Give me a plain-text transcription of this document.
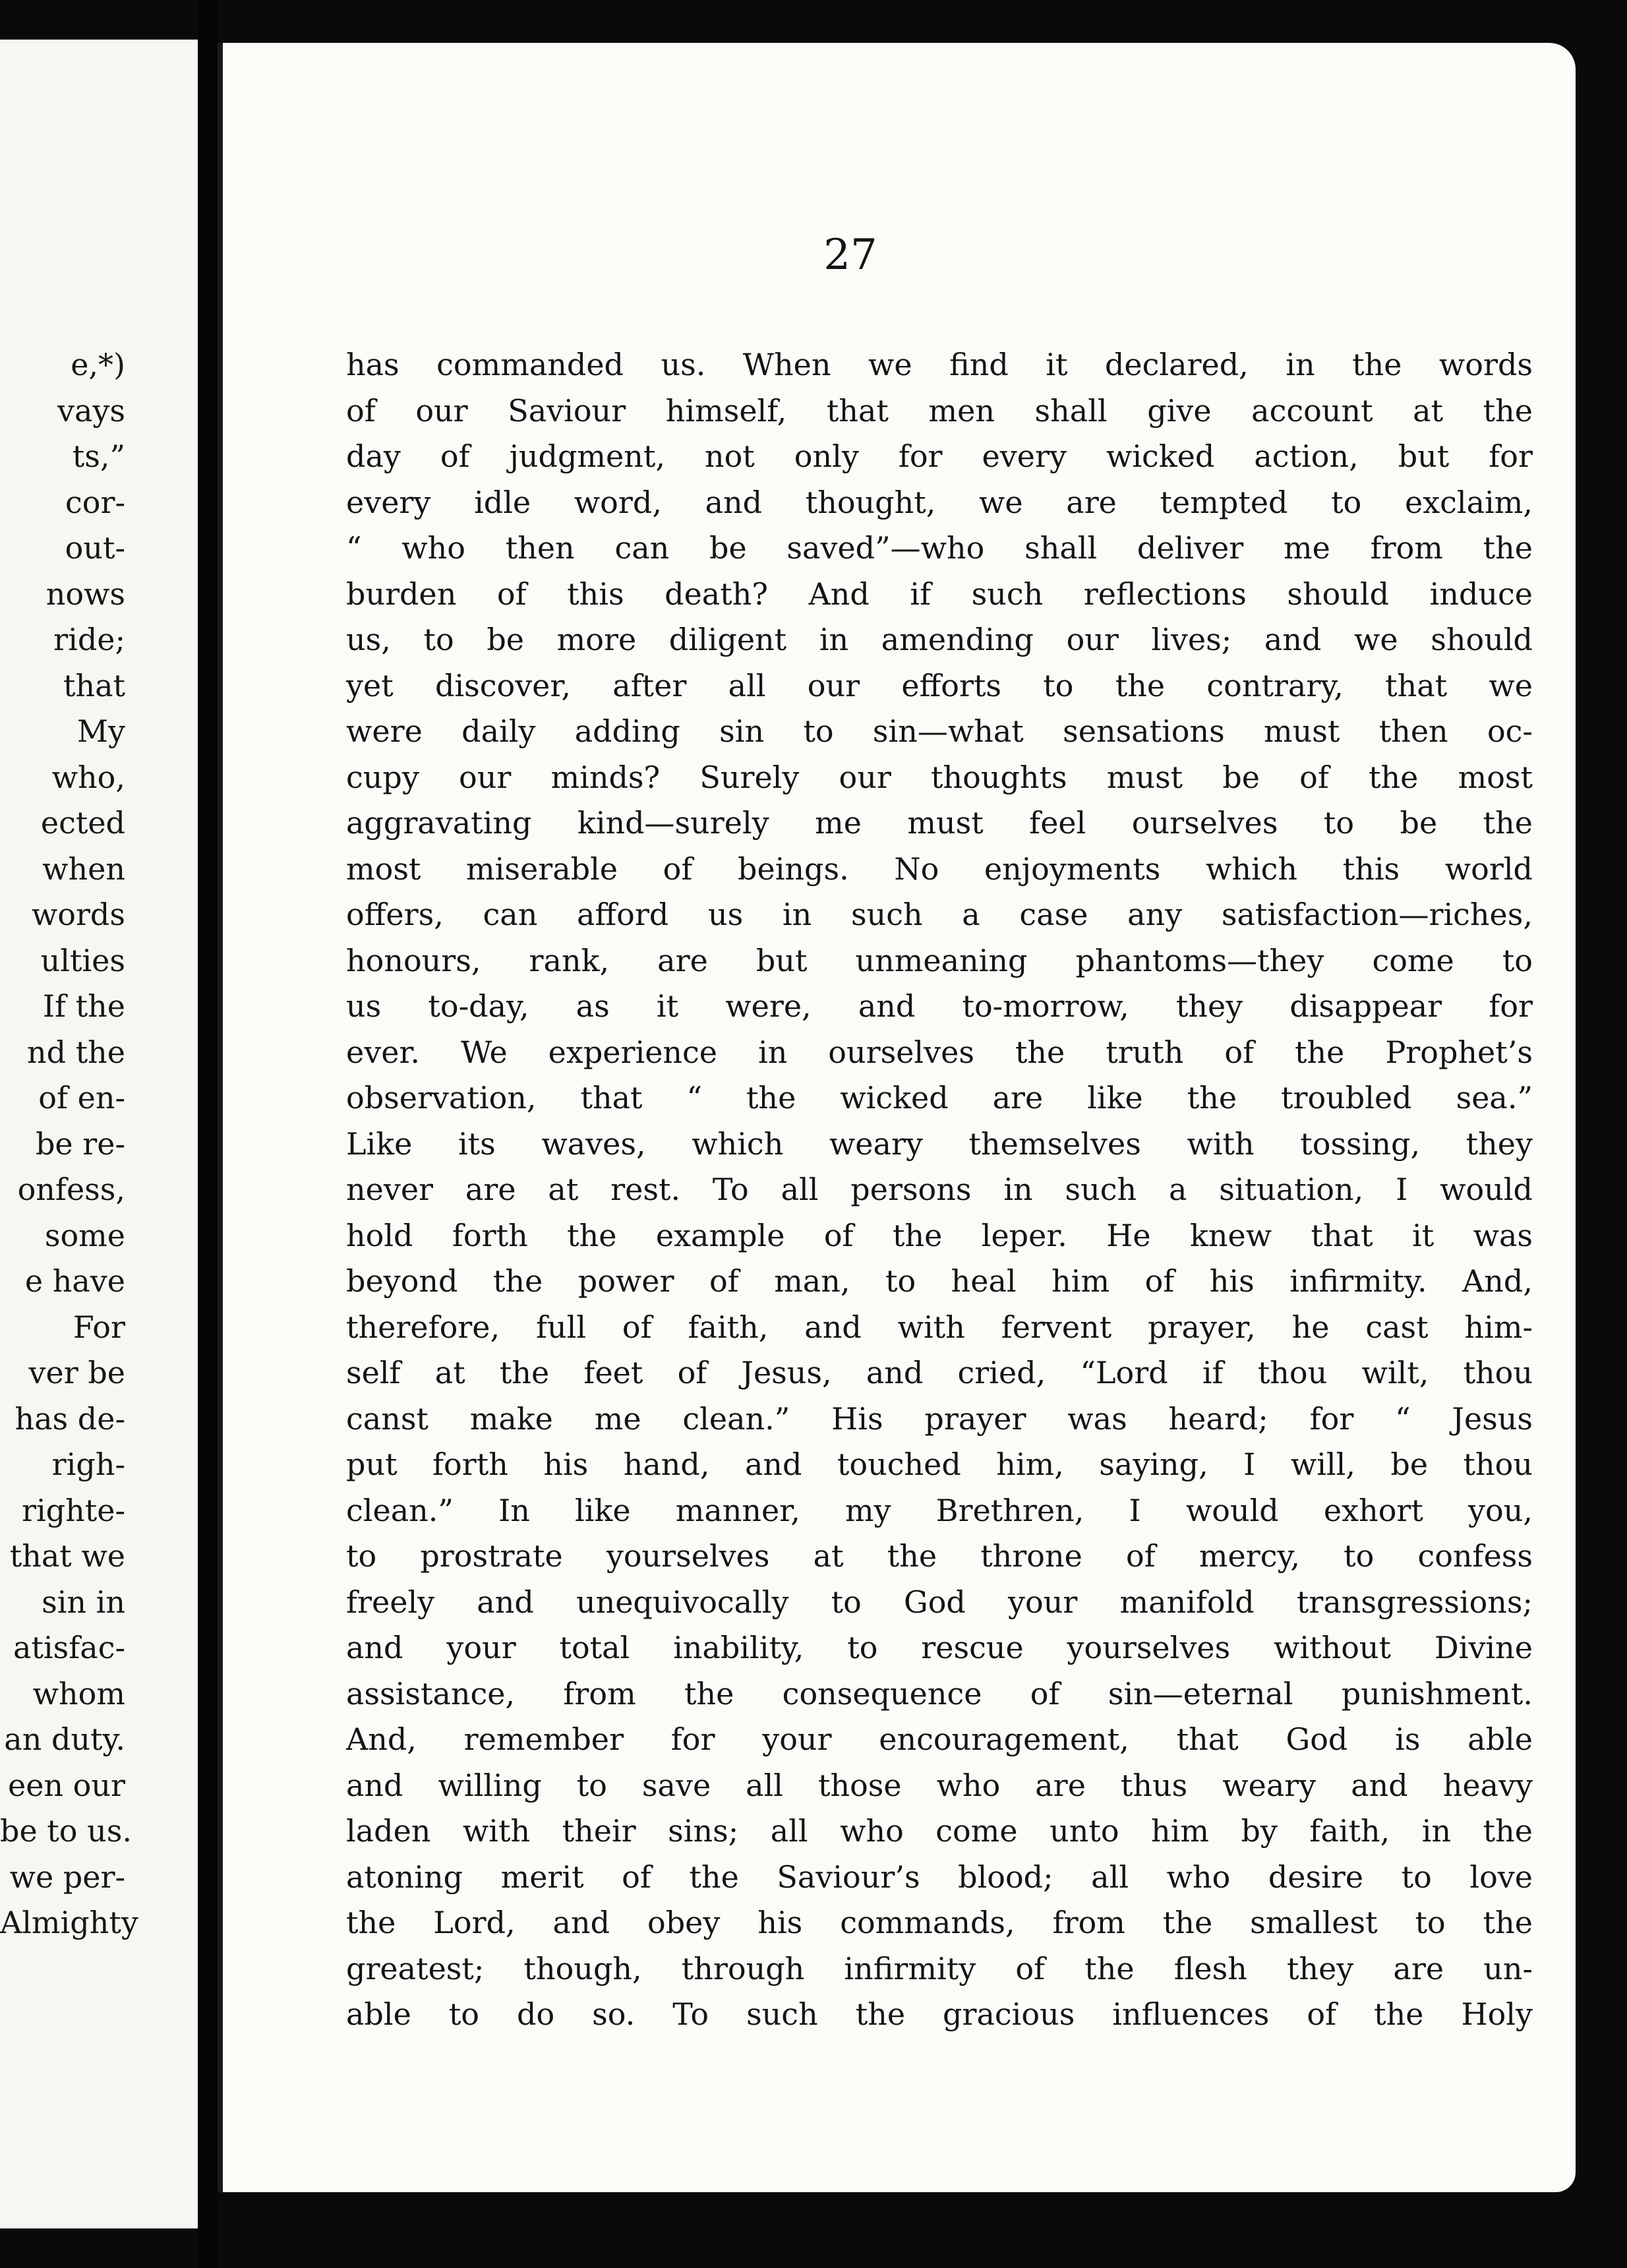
e,*)
vays
ts,”
cor-
out-
nows
ride;
that
My
who,
ected
when
words
ulties
If the
nd the
of en-
be re-
onfess,
some
e have
For
ver be
has de-
righ-
righte-
that we
sin in
atisfac-
whom
an duty.
een our
be to us.
we per-
Almighty
27
has commanded us. When we find it declared, in the words
of our Saviour himself, that men shall give account at the
day of judgment, not only for every wicked action, but for
every idle word, and thought, we are tempted to exclaim,
“ who then can be saved”—who shall deliver me from the
burden of this death? And if such reflections should induce
us, to be more diligent in amending our lives; and we should
yet discover, after all our efforts to the contrary, that we
were daily adding sin to sin—what sensations must then oc-
cupy our minds? Surely our thoughts must be of the most
aggravating kind—surely me must feel ourselves to be the
most miserable of beings. No enjoyments which this world
offers, can afford us in such a case any satisfaction—riches,
honours, rank, are but unmeaning phantoms—they come to
us to-day, as it were, and to-morrow, they disappear for
ever. We experience in ourselves the truth of the Prophet’s
observation, that “ the wicked are like the troubled sea.”
Like its waves, which weary themselves with tossing, they
never are at rest. To all persons in such a situation, I would
hold forth the example of the leper. He knew that it was
beyond the power of man, to heal him of his infirmity. And,
therefore, full of faith, and with fervent prayer, he cast him-
self at the feet of Jesus, and cried, “Lord if thou wilt, thou
canst make me clean.” His prayer was heard; for “ Jesus
put forth his hand, and touched him, saying, I will, be thou
clean.” In like manner, my Brethren, I would exhort you,
to prostrate yourselves at the throne of mercy, to confess
freely and unequivocally to God your manifold transgressions;
and your total inability, to rescue yourselves without Divine
assistance, from the consequence of sin—eternal punishment.
And, remember for your encouragement, that God is able
and willing to save all those who are thus weary and heavy
laden with their sins; all who come unto him by faith, in the
atoning merit of the Saviour’s blood; all who desire to love
the Lord, and obey his commands, from the smallest to the
greatest; though, through infirmity of the flesh they are un-
able to do so. To such the gracious influences of the Holy
